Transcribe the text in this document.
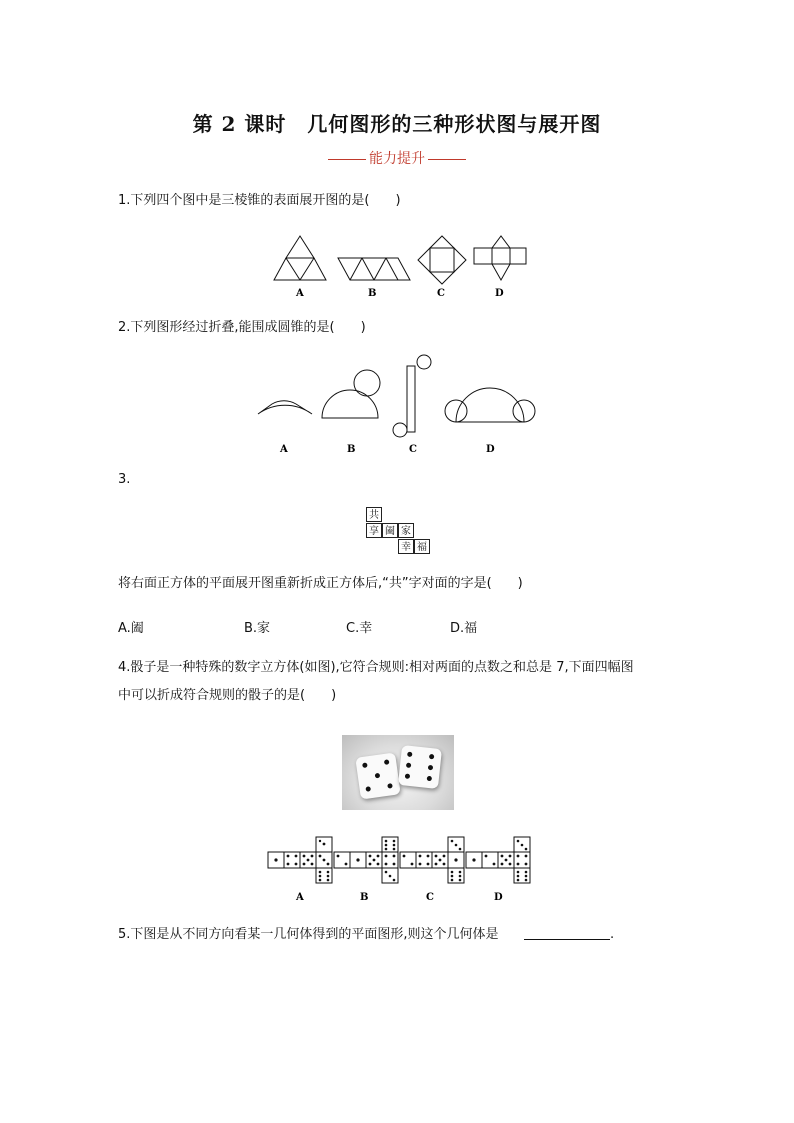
第 2 课时　几何图形的三种形状图与展开图
能力提升
1.下列四个图中是三棱锥的表面展开图的是(　　)
A	B	C	D
2.下列图形经过折叠,能围成圆锥的是(　　)
A	B	C	D
3.
共
享 阖 家
幸 福
将右面正方体的平面展开图重新折成正方体后,“共”字对面的字是(　　)
A.阖	B.家	C.幸	D.福
4.骰子是一种特殊的数字立方体(如图),它符合规则:相对两面的点数之和总是 7,下面四幅图
中可以折成符合规则的骰子的是(　　)
A	B	C	D
5.下图是从不同方向看某一几何体得到的平面图形,则这个几何体是	.
